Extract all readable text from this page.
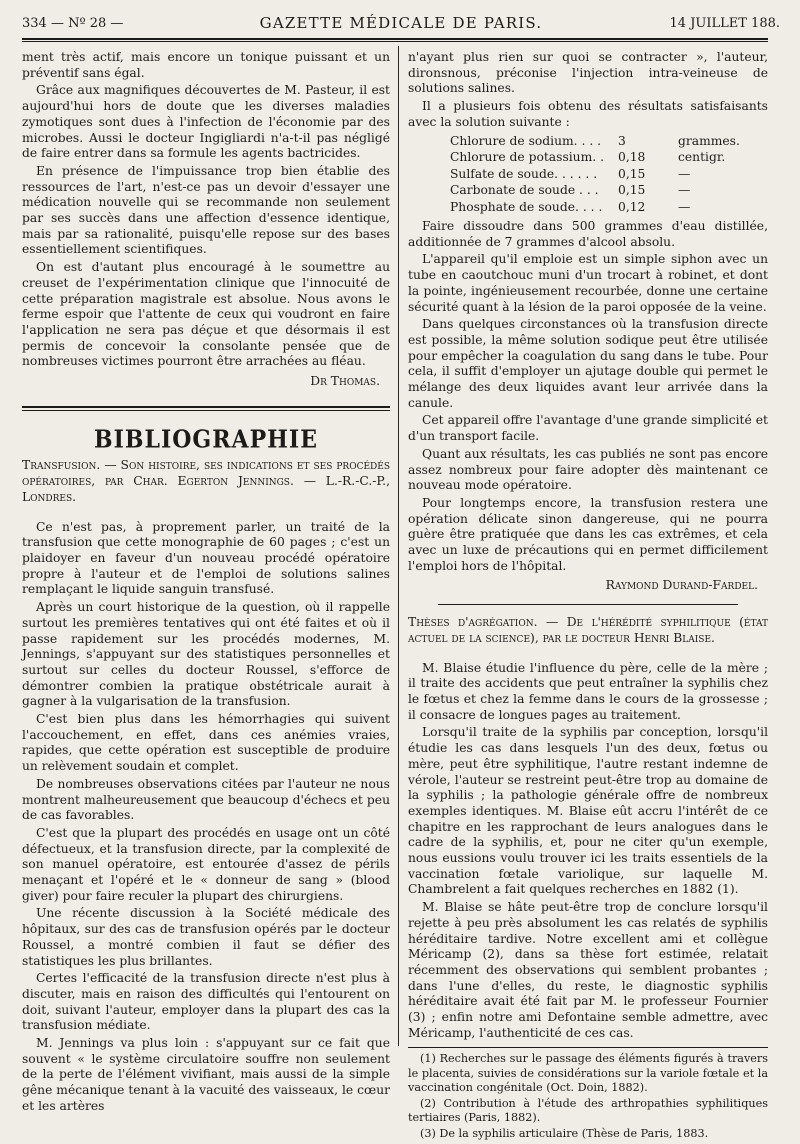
334 — Nº 28 —	GAZETTE MÉDICALE DE PARIS.	14 JUILLET 188.

ment très actif, mais encore un tonique puissant et un préventif sans égal.

Grâce aux magnifiques découvertes de M. Pasteur, il est aujourd'hui hors de doute que les diverses maladies zymotiques sont dues à l'infection de l'économie par des microbes. Aussi le docteur Ingigliardi n'a-t-il pas négligé de faire entrer dans sa formule les agents bactricides.

En présence de l'impuissance trop bien établie des ressources de l'art, n'est-ce pas un devoir d'essayer une médication nouvelle qui se recommande non seulement par ses succès dans une affection d'essence identique, mais par sa rationalité, puisqu'elle repose sur des bases essentiellement scientifiques.

On est d'autant plus encouragé à le soumettre au creuset de l'expérimentation clinique que l'innocuité de cette préparation magistrale est absolue. Nous avons le ferme espoir que l'attente de ceux qui voudront en faire l'application ne sera pas déçue et que désormais il est permis de concevoir la consolante pensée que de nombreuses victimes pourront être arrachées au fléau.

Dr Thomas.
BIBLIOGRAPHIE

Transfusion. — Son histoire, ses indications et ses procédés opératoires, par Char. Egerton Jennings. — L.-R.-C.-P., Londres.

Ce n'est pas, à proprement parler, un traité de la transfusion que cette monographie de 60 pages ; c'est un plaidoyer en faveur d'un nouveau procédé opératoire propre à l'auteur et de l'emploi de solutions salines remplaçant le liquide sanguin transfusé.

Après un court historique de la question, où il rappelle surtout les premières tentatives qui ont été faites et où il passe rapidement sur les procédés modernes, M. Jennings, s'appuyant sur des statistiques personnelles et surtout sur celles du docteur Roussel, s'efforce de démontrer combien la pratique obstétricale aurait à gagner à la vulgarisation de la transfusion.

C'est bien plus dans les hémorrhagies qui suivent l'accouchement, en effet, dans ces anémies vraies, rapides, que cette opération est susceptible de produire un relèvement soudain et complet.

De nombreuses observations citées par l'auteur ne nous montrent malheureusement que beaucoup d'échecs et peu de cas favorables.

C'est que la plupart des procédés en usage ont un côté défectueux, et la transfusion directe, par la complexité de son manuel opératoire, est entourée d'assez de périls menaçant et l'opéré et le « donneur de sang » (blood giver) pour faire reculer la plupart des chirurgiens.

Une récente discussion à la Société médicale des hôpitaux, sur des cas de transfusion opérés par le docteur Roussel, a montré combien il faut se défier des statistiques les plus brillantes.

Certes l'efficacité de la transfusion directe n'est plus à discuter, mais en raison des difficultés qui l'entourent on doit, suivant l'auteur, employer dans la plupart des cas la transfusion médiate.

M. Jennings va plus loin : s'appuyant sur ce fait que souvent « le système circulatoire souffre non seulement de la perte de l'élément vivifiant, mais aussi de la simple gêne mécanique tenant à la vacuité des vaisseaux, le cœur et les artères

n'ayant plus rien sur quoi se contracter », l'auteur, dironsnous, préconise l'injection intra-veineuse de solutions salines.

Il a plusieurs fois obtenu des résultats satisfaisants avec la solution suivante :

Chlorure de sodium. . . .	3	grammes.
Chlorure de potassium. .	0,18	centigr.
Sulfate de soude. . . . . .	0,15	—
Carbonate de soude . . .	0,15	—
Phosphate de soude. . . .	0,12	—

Faire dissoudre dans 500 grammes d'eau distillée, additionnée de 7 grammes d'alcool absolu.

L'appareil qu'il emploie est un simple siphon avec un tube en caoutchouc muni d'un trocart à robinet, et dont la pointe, ingénieusement recourbée, donne une certaine sécurité quant à la lésion de la paroi opposée de la veine.

Dans quelques circonstances où la transfusion directe est possible, la même solution sodique peut être utilisée pour empêcher la coagulation du sang dans le tube. Pour cela, il suffit d'employer un ajutage double qui permet le mélange des deux liquides avant leur arrivée dans la canule.

Cet appareil offre l'avantage d'une grande simplicité et d'un transport facile.

Quant aux résultats, les cas publiés ne sont pas encore assez nombreux pour faire adopter dès maintenant ce nouveau mode opératoire.

Pour longtemps encore, la transfusion restera une opération délicate sinon dangereuse, qui ne pourra guère être pratiquée que dans les cas extrêmes, et cela avec un luxe de précautions qui en permet difficilement l'emploi hors de l'hôpital.

Raymond Durand-Fardel.

Thèses d'agrégation. — De l'hérédité syphilitique (état actuel de la science), par le docteur Henri Blaise.

M. Blaise étudie l'influence du père, celle de la mère ; il traite des accidents que peut entraîner la syphilis chez le fœtus et chez la femme dans le cours de la grossesse ; il consacre de longues pages au traitement.

Lorsqu'il traite de la syphilis par conception, lorsqu'il étudie les cas dans lesquels l'un des deux, fœtus ou mère, peut être syphilitique, l'autre restant indemne de vérole, l'auteur se restreint peut-être trop au domaine de la syphilis ; la pathologie générale offre de nombreux exemples identiques. M. Blaise eût accru l'intérêt de ce chapitre en les rapprochant de leurs analogues dans le cadre de la syphilis, et, pour ne citer qu'un exemple, nous eussions voulu trouver ici les traits essentiels de la vaccination fœtale variolique, sur laquelle M. Chambrelent a fait quelques recherches en 1882 (1).

M. Blaise se hâte peut-être trop de conclure lorsqu'il rejette à peu près absolument les cas relatés de syphilis héréditaire tardive. Notre excellent ami et collègue Méricamp (2), dans sa thèse fort estimée, relatait récemment des observations qui semblent probantes ; dans l'une d'elles, du reste, le diagnostic syphilis héréditaire avait été fait par M. le professeur Fournier (3) ; enfin notre ami Defontaine semble admettre, avec Méricamp, l'authenticité de ces cas.

(1) Recherches sur le passage des éléments figurés à travers le placenta, suivies de considérations sur la variole fœtale et la vaccination congénitale (Oct. Doin, 1882).

(2) Contribution à l'étude des arthropathies syphilitiques tertiaires (Paris, 1882).

(3) De la syphilis articulaire (Thèse de Paris, 1883.
